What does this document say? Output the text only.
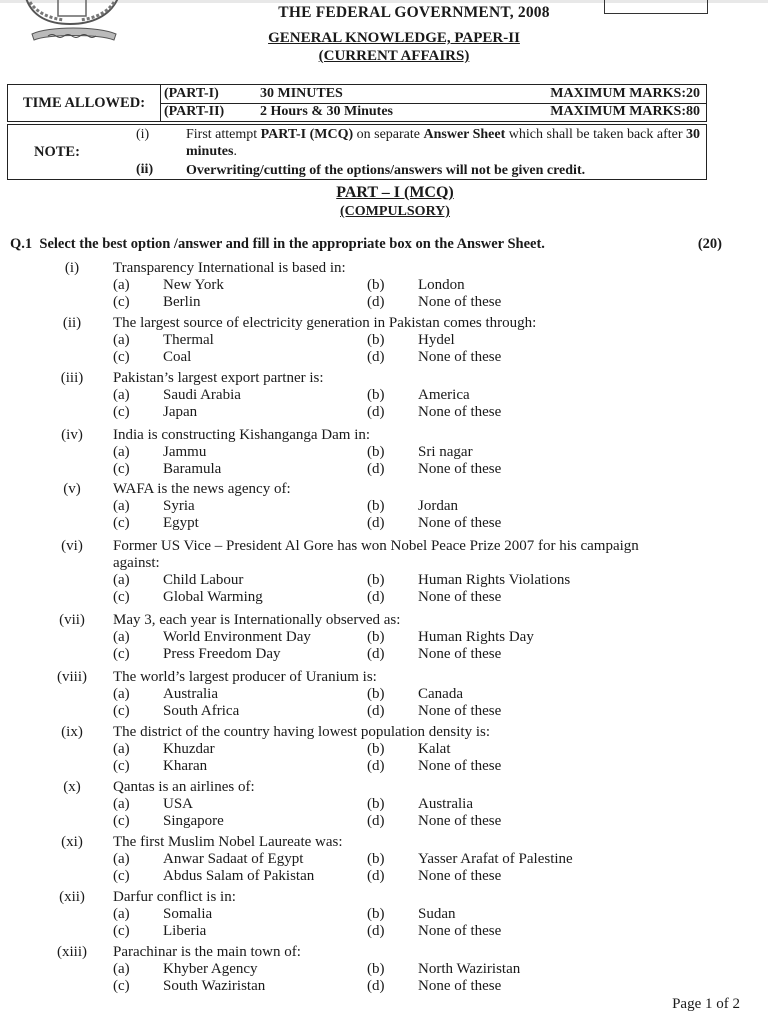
THE FEDERAL GOVERNMENT, 2008
GENERAL KNOWLEDGE, PAPER-II
(CURRENT AFFAIRS)
TIME ALLOWED:
(PART-I)	30 MINUTES	MAXIMUM MARKS:20
(PART-II)	2 Hours & 30 Minutes	MAXIMUM MARKS:80
NOTE:
(i)	First attempt PART-I (MCQ) on separate Answer Sheet which shall be taken back after 30 minutes.
(ii) Overwriting/cutting of the options/answers will not be given credit.
PART – I (MCQ)
(COMPULSORY)
Q.1 Select the best option /answer and fill in the appropriate box on the Answer Sheet.	(20)
(i)	Transparency International is based in:
(a) New York	(b) London
(c) Berlin	(d) None of these
(ii)	The largest source of electricity generation in Pakistan comes through:
(a) Thermal	(b) Hydel
(c) Coal	(d) None of these
(iii)	Pakistan’s largest export partner is:
(a) Saudi Arabia	(b) America
(c) Japan	(d) None of these
(iv)	India is constructing Kishanganga Dam in:
(a) Jammu	(b) Sri nagar
(c) Baramula	(d) None of these
(v)	WAFA is the news agency of:
(a) Syria	(b) Jordan
(c) Egypt	(d) None of these
(vi)	Former US Vice – President Al Gore has won Nobel Peace Prize 2007 for his campaign
against:
(a) Child Labour	(b) Human Rights Violations
(c) Global Warming	(d) None of these
(vii)	May 3, each year is Internationally observed as:
(a) World Environment Day	(b) Human Rights Day
(c) Press Freedom Day	(d) None of these
(viii)	The world’s largest producer of Uranium is:
(a) Australia	(b) Canada
(c) South Africa	(d) None of these
(ix)	The district of the country having lowest population density is:
(a) Khuzdar	(b) Kalat
(c) Kharan	(d) None of these
(x)	Qantas is an airlines of:
(a) USA	(b) Australia
(c) Singapore	(d) None of these
(xi)	The first Muslim Nobel Laureate was:
(a) Anwar Sadaat of Egypt	(b) Yasser Arafat of Palestine
(c) Abdus Salam of Pakistan	(d) None of these
(xii)	Darfur conflict is in:
(a) Somalia	(b) Sudan
(c) Liberia	(d) None of these
(xiii)	Parachinar is the main town of:
(a) Khyber Agency	(b) North Waziristan
(c) South Waziristan	(d) None of these
Page 1 of 2
